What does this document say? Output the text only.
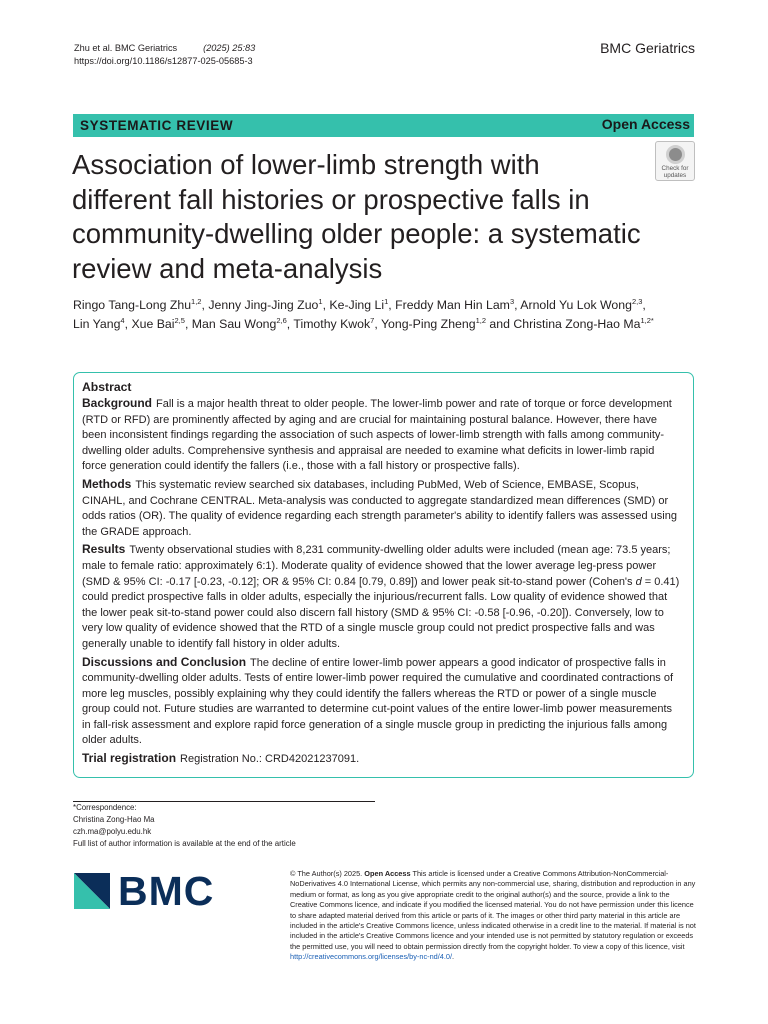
Zhu et al. BMC Geriatrics	(2025) 25:83
https://doi.org/10.1186/s12877-025-05685-3
BMC Geriatrics
SYSTEMATIC REVIEW	Open Access
Association of lower-limb strength with different fall histories or prospective falls in community-dwelling older people: a systematic review and meta-analysis
Check for
updates
Ringo Tang-Long Zhu$^{1,2}$, Jenny Jing-Jing Zuo$^1$, Ke-Jing Li$^1$, Freddy Man Hin Lam$^3$, Arnold Yu Lok Wong$^{2,3}$,
Lin Yang$^4$, Xue Bai$^{2,5}$, Man Sau Wong$^{2,6}$, Timothy Kwok$^7$, Yong-Ping Zheng$^{1,2}$ and Christina Zong-Hao $Ma^{1,2*}$
Abstract

Background Fall is a major health threat to older people. The lower-limb power and rate of torque or force development (RTD or RFD) are prominently affected by aging and are crucial for maintaining postural balance. However, there have been inconsistent findings regarding the association of such aspects of lower-limb strength with falls among community-dwelling older adults. Comprehensive synthesis and appraisal are needed to examine what deficits in lower-limb rapid force generation could identify the fallers (i.e., those with a fall history or prospective falls).

Methods This systematic review searched six databases, including PubMed, Web of Science, EMBASE, Scopus, CINAHL, and Cochrane CENTRAL. Meta-analysis was conducted to aggregate standardized mean differences (SMD) or odds ratios (OR). The quality of evidence regarding each strength parameter's ability to identify fallers was assessed using the GRADE approach.

Results Twenty observational studies with 8,231 community-dwelling older adults were included (mean age: 73.5 years; male to female ratio: approximately 6:1). Moderate quality of evidence showed that the lower average leg-press power (SMD & 95% CI: -0.17 [-0.23, -0.12]; OR & 95% CI: 0.84 [0.79, 0.89]) and lower peak sit-to-stand power (Cohen's d = 0.41) could predict prospective falls in older adults, especially the injurious/recurrent falls. Low quality of evidence showed that the lower peak sit-to-stand power could also discern fall history (SMD & 95% CI: -0.58 [-0.96, -0.20]). Conversely, low to very low quality of evidence showed that the RTD of a single muscle group could not predict prospective falls and was generally unable to identify fall history in older adults.

Discussions and Conclusion The decline of entire lower-limb power appears a good indicator of prospective falls in community-dwelling older adults. Tests of entire lower-limb power required the cumulative and coordinated contractions of more leg muscles, possibly explaining why they could identify the fallers whereas the RTD or power of a single muscle group could not. Future studies are warranted to determine cut-point values of the entire lower-limb power measurements in fall-risk assessment and explore rapid force generation of a single muscle group in predicting the injurious falls among older adults.

Trial registration Registration No.: CRD42021237091.

*Correspondence:
Christina Zong-Hao Ma
czh.ma@polyu.edu.hk
Full list of author information is available at the end of the article
BMC	© The Author(s) 2025. Open Access This article is licensed under a Creative Commons Attribution-NonCommercial-NoDerivatives 4.0 International License, which permits any non-commercial use, sharing, distribution and reproduction in any medium or format, as long as you give appropriate credit to the original author(s) and the source, provide a link to the Creative Commons licence, and indicate if you modified the licensed material. You do not have permission under this licence to share adapted material derived from this article or parts of it. The images or other third party material in this article are included in the article's Creative Commons licence, unless indicated otherwise in a credit line to the material. If material is not included in the article's Creative Commons licence and your intended use is not permitted by statutory regulation or exceeds the permitted use, you will need to obtain permission directly from the copyright holder. To view a copy of this licence, visit http://creativecommons.org/licenses/by-nc-nd/4.0/.
